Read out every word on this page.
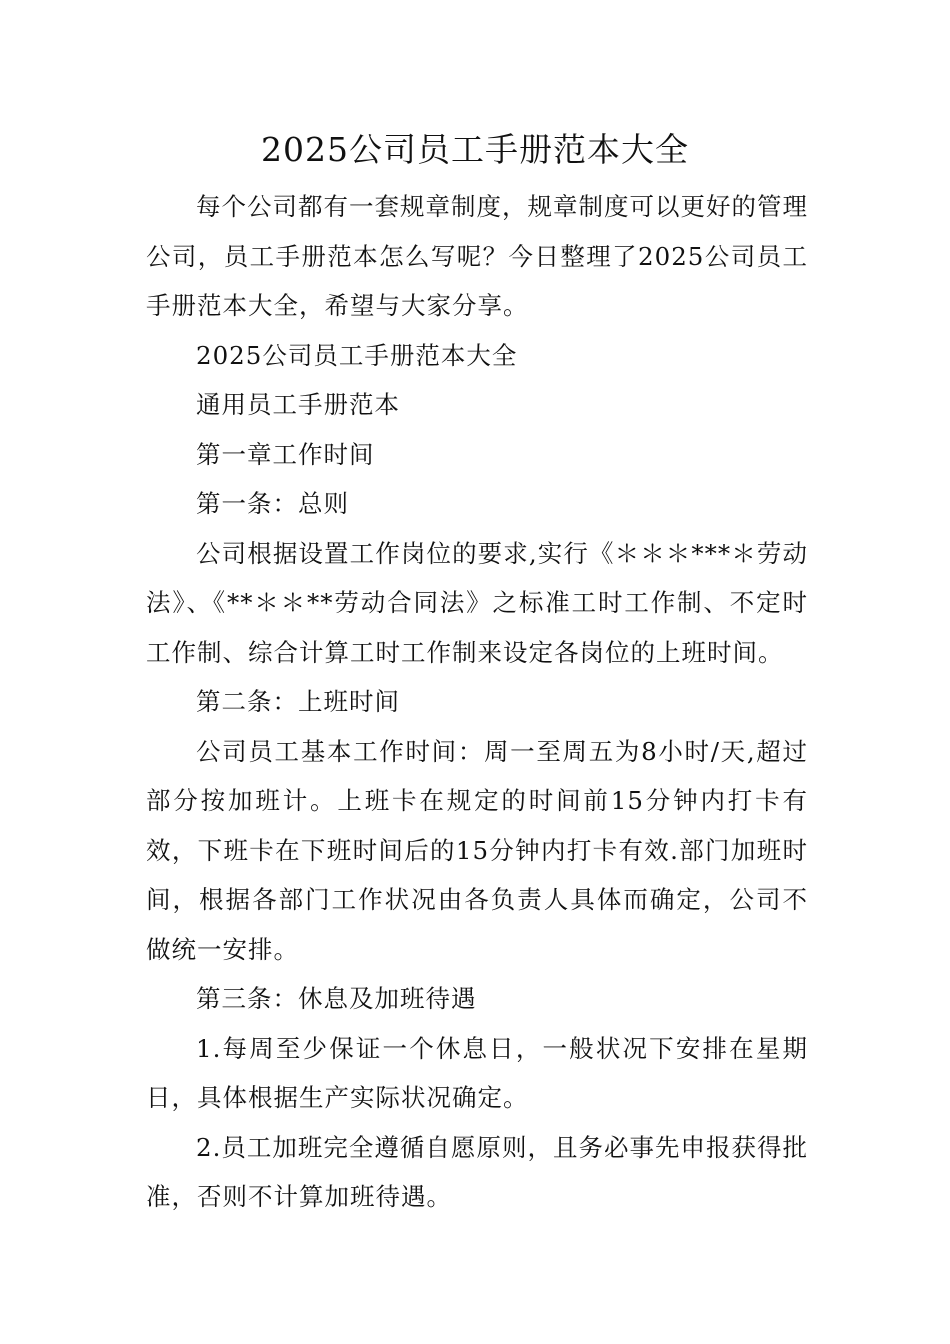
2025公司员工手册范本大全

每个公司都有一套规章制度，规章制度可以更好的管理公司，员工手册范本怎么写呢？今日整理了2025公司员工手册范本大全，希望与大家分享。

2025公司员工手册范本大全

通用员工手册范本

第一章工作时间

第一条：总则

公司根据设置工作岗位的要求,实行《＊＊＊***＊劳动法》、《**＊＊**劳动合同法》之标准工时工作制、不定时工作制、综合计算工时工作制来设定各岗位的上班时间。

第二条：上班时间

公司员工基本工作时间：周一至周五为8小时/天,超过部分按加班计。上班卡在规定的时间前15分钟内打卡有效，下班卡在下班时间后的15分钟内打卡有效.部门加班时间，根据各部门工作状况由各负责人具体而确定，公司不做统一安排。

第三条：休息及加班待遇

1.每周至少保证一个休息日，一般状况下安排在星期日，具体根据生产实际状况确定。

2.员工加班完全遵循自愿原则，且务必事先申报获得批准，否则不计算加班待遇。
